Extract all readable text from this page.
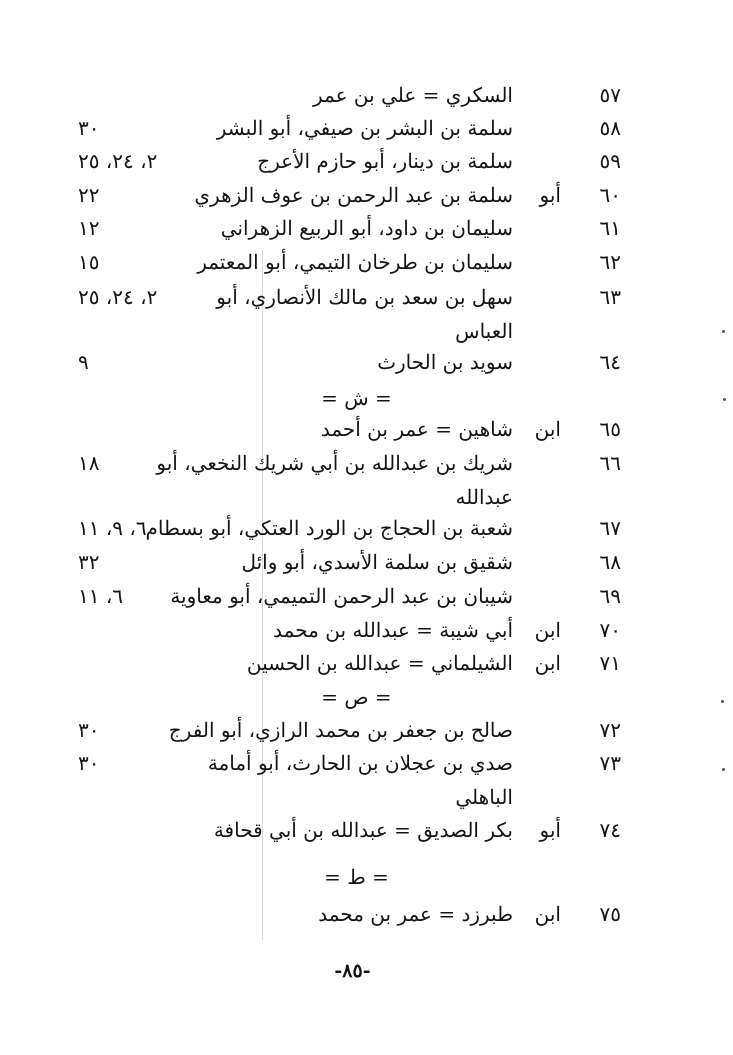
٥٧
السكري = علي بن عمر
٥٨
سلمة بن البشر بن صيفي، أبو البشر
٣٠
٥٩
سلمة بن دينار، أبو حازم الأعرج
٢، ٢٤، ٢٥
٦٠
أبو
سلمة بن عبد الرحمن بن عوف الزهري
٢٢
٦١
سليمان بن داود، أبو الربيع الزهراني
١٢
٦٢
سليمان بن طرخان التيمي، أبو المعتمر
١٥
٦٣
سهل بن سعد بن مالك الأنصاري، أبو
٢، ٢٤، ٢٥
العباس
٦٤
سويد بن الحارث
٩
= ش =
٦٥
ابن
شاهين = عمر بن أحمد
٦٦
شريك بن عبدالله بن أبي شريك النخعي، أبو
١٨
عبدالله
٦٧
شعبة بن الحجاج بن الورد العتكي، أبو بسطام
٦، ٩، ١١
٦٨
شقيق بن سلمة الأسدي، أبو وائل
٣٢
٦٩
شيبان بن عبد الرحمن التميمي، أبو معاوية
٦، ١١
٧٠
ابن
أبي شيبة = عبدالله بن محمد
٧١
ابن
الشيلماني = عبدالله بن الحسين
= ص =
٧٢
صالح بن جعفر بن محمد الرازي، أبو الفرج
٣٠
٧٣
صدي بن عجلان بن الحارث، أبو أمامة
٣٠
الباهلي
٧٤
أبو
بكر الصديق = عبدالله بن أبي قحافة
= ط =
٧٥
ابن
طبرزد = عمر بن محمد
-٨٥-
